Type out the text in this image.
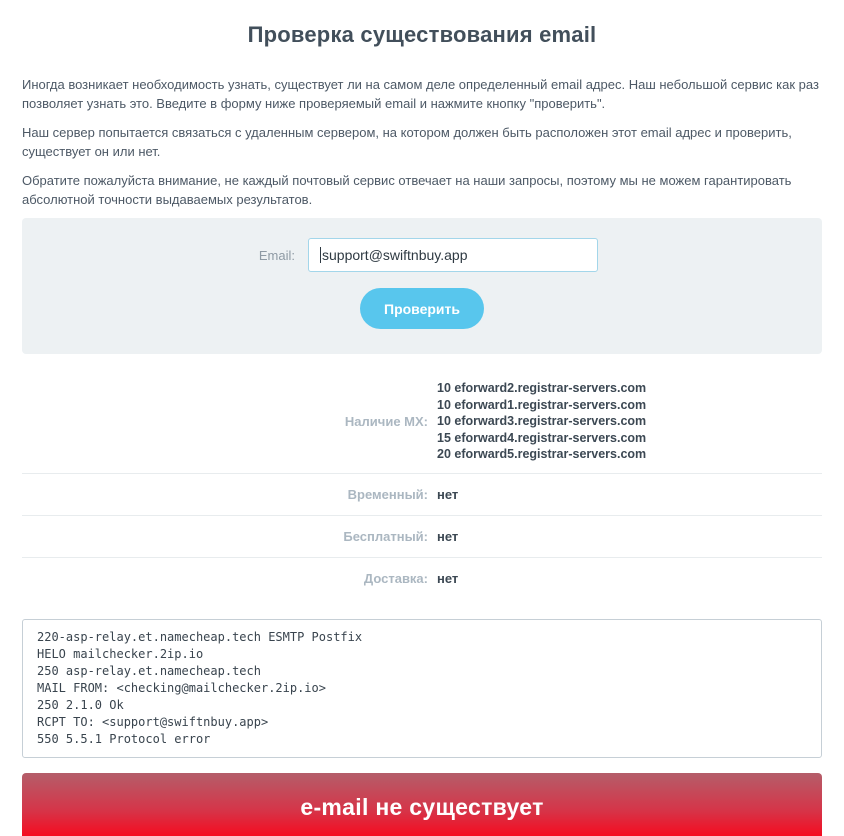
Проверка существования email

Иногда возникает необходимость узнать, существует ли на самом деле определенный email адрес. Наш небольшой сервис как раз позволяет узнать это. Введите в форму ниже проверяемый email и нажмите кнопку "проверить".

Наш сервер попытается связаться с удаленным сервером, на котором должен быть расположен этот email адрес и проверить, существует он или нет.

Обратите пожалуйста внимание, не каждый почтовый сервис отвечает на наши запросы, поэтому мы не можем гарантировать абсолютной точности выдаваемых результатов.

Email:
support@swiftnbuy.app
Проверить
Наличие MX:
10 eforward2.registrar-servers.com
10 eforward1.registrar-servers.com
10 eforward3.registrar-servers.com
15 eforward4.registrar-servers.com
20 eforward5.registrar-servers.com
Временный: нет
Бесплатный: нет
Доставка: нет
220-asp-relay.et.namecheap.tech ESMTP Postfix
HELO mailchecker.2ip.io
250 asp-relay.et.namecheap.tech
MAIL FROM: <checking@mailchecker.2ip.io>
250 2.1.0 Ok
RCPT TO: <support@swiftnbuy.app>
550 5.5.1 Protocol error
e-mail не существует
